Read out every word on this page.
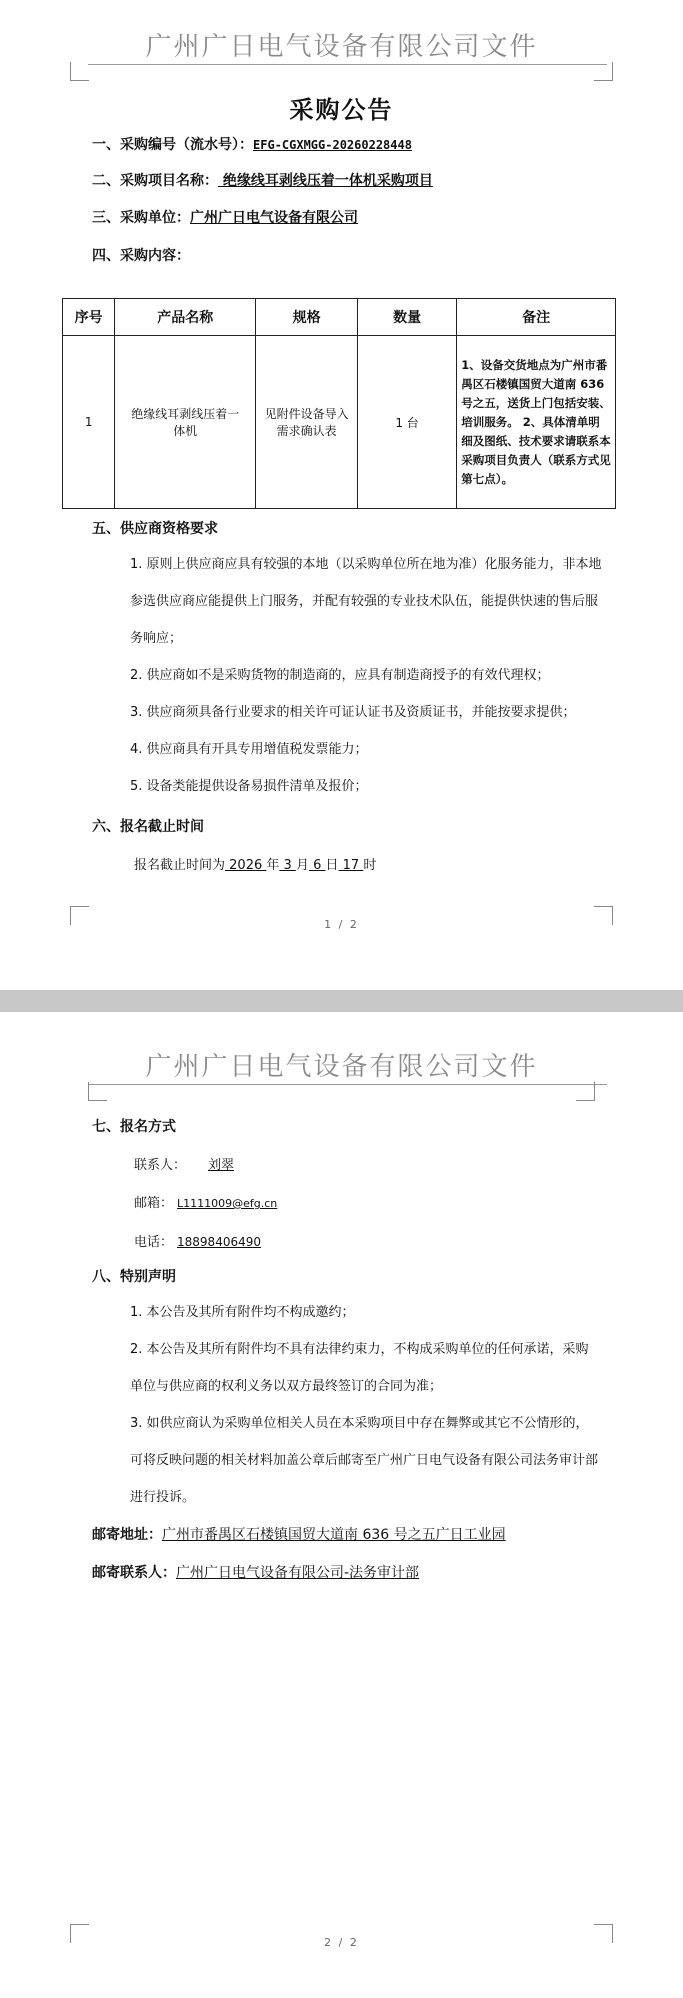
广州广日电气设备有限公司文件
采购公告
一、采购编号（流水号）：EFG-CGXMGG-20260228448
二、采购项目名称： 绝缘线耳剥线压着一体机采购项目
三、采购单位：广州广日电气设备有限公司
四、采购内容：
序号	产品名称	规格	数量	备注
1	绝缘线耳剥线压着一体机	见附件设备导入需求确认表	1 台	1、设备交货地点为广州市番禺区石楼镇国贸大道南 636 号之五，送货上门包括安装、培训服务。 2、具体清单明细及图纸、技术要求请联系本采购项目负责人（联系方式见第七点）。
五、供应商资格要求

1. 原则上供应商应具有较强的本地（以采购单位所在地为准）化服务能力，非本地参选供应商应能提供上门服务，并配有较强的专业技术队伍，能提供快速的售后服务响应；

2. 供应商如不是采购货物的制造商的，应具有制造商授予的有效代理权；

3. 供应商须具备行业要求的相关许可证认证书及资质证书，并能按要求提供；

4. 供应商具有开具专用增值税发票能力；

5. 设备类能提供设备易损件清单及报价；

六、报名截止时间
报名截止时间为 2026 年 3 月 6 日 17 时
1 / 2
广州广日电气设备有限公司文件
七、报名方式
联系人： 刘翠
邮箱： L1111009@efg.cn
电话： 18898406490
八、特别声明

1. 本公告及其所有附件均不构成邀约；

2. 本公告及其所有附件均不具有法律约束力，不构成采购单位的任何承诺，采购单位与供应商的权利义务以双方最终签订的合同为准；

3. 如供应商认为采购单位相关人员在本采购项目中存在舞弊或其它不公情形的，可将反映问题的相关材料加盖公章后邮寄至广州广日电气设备有限公司法务审计部进行投诉。

邮寄地址：广州市番禺区石楼镇国贸大道南 636 号之五广日工业园
邮寄联系人：广州广日电气设备有限公司-法务审计部
2 / 2
